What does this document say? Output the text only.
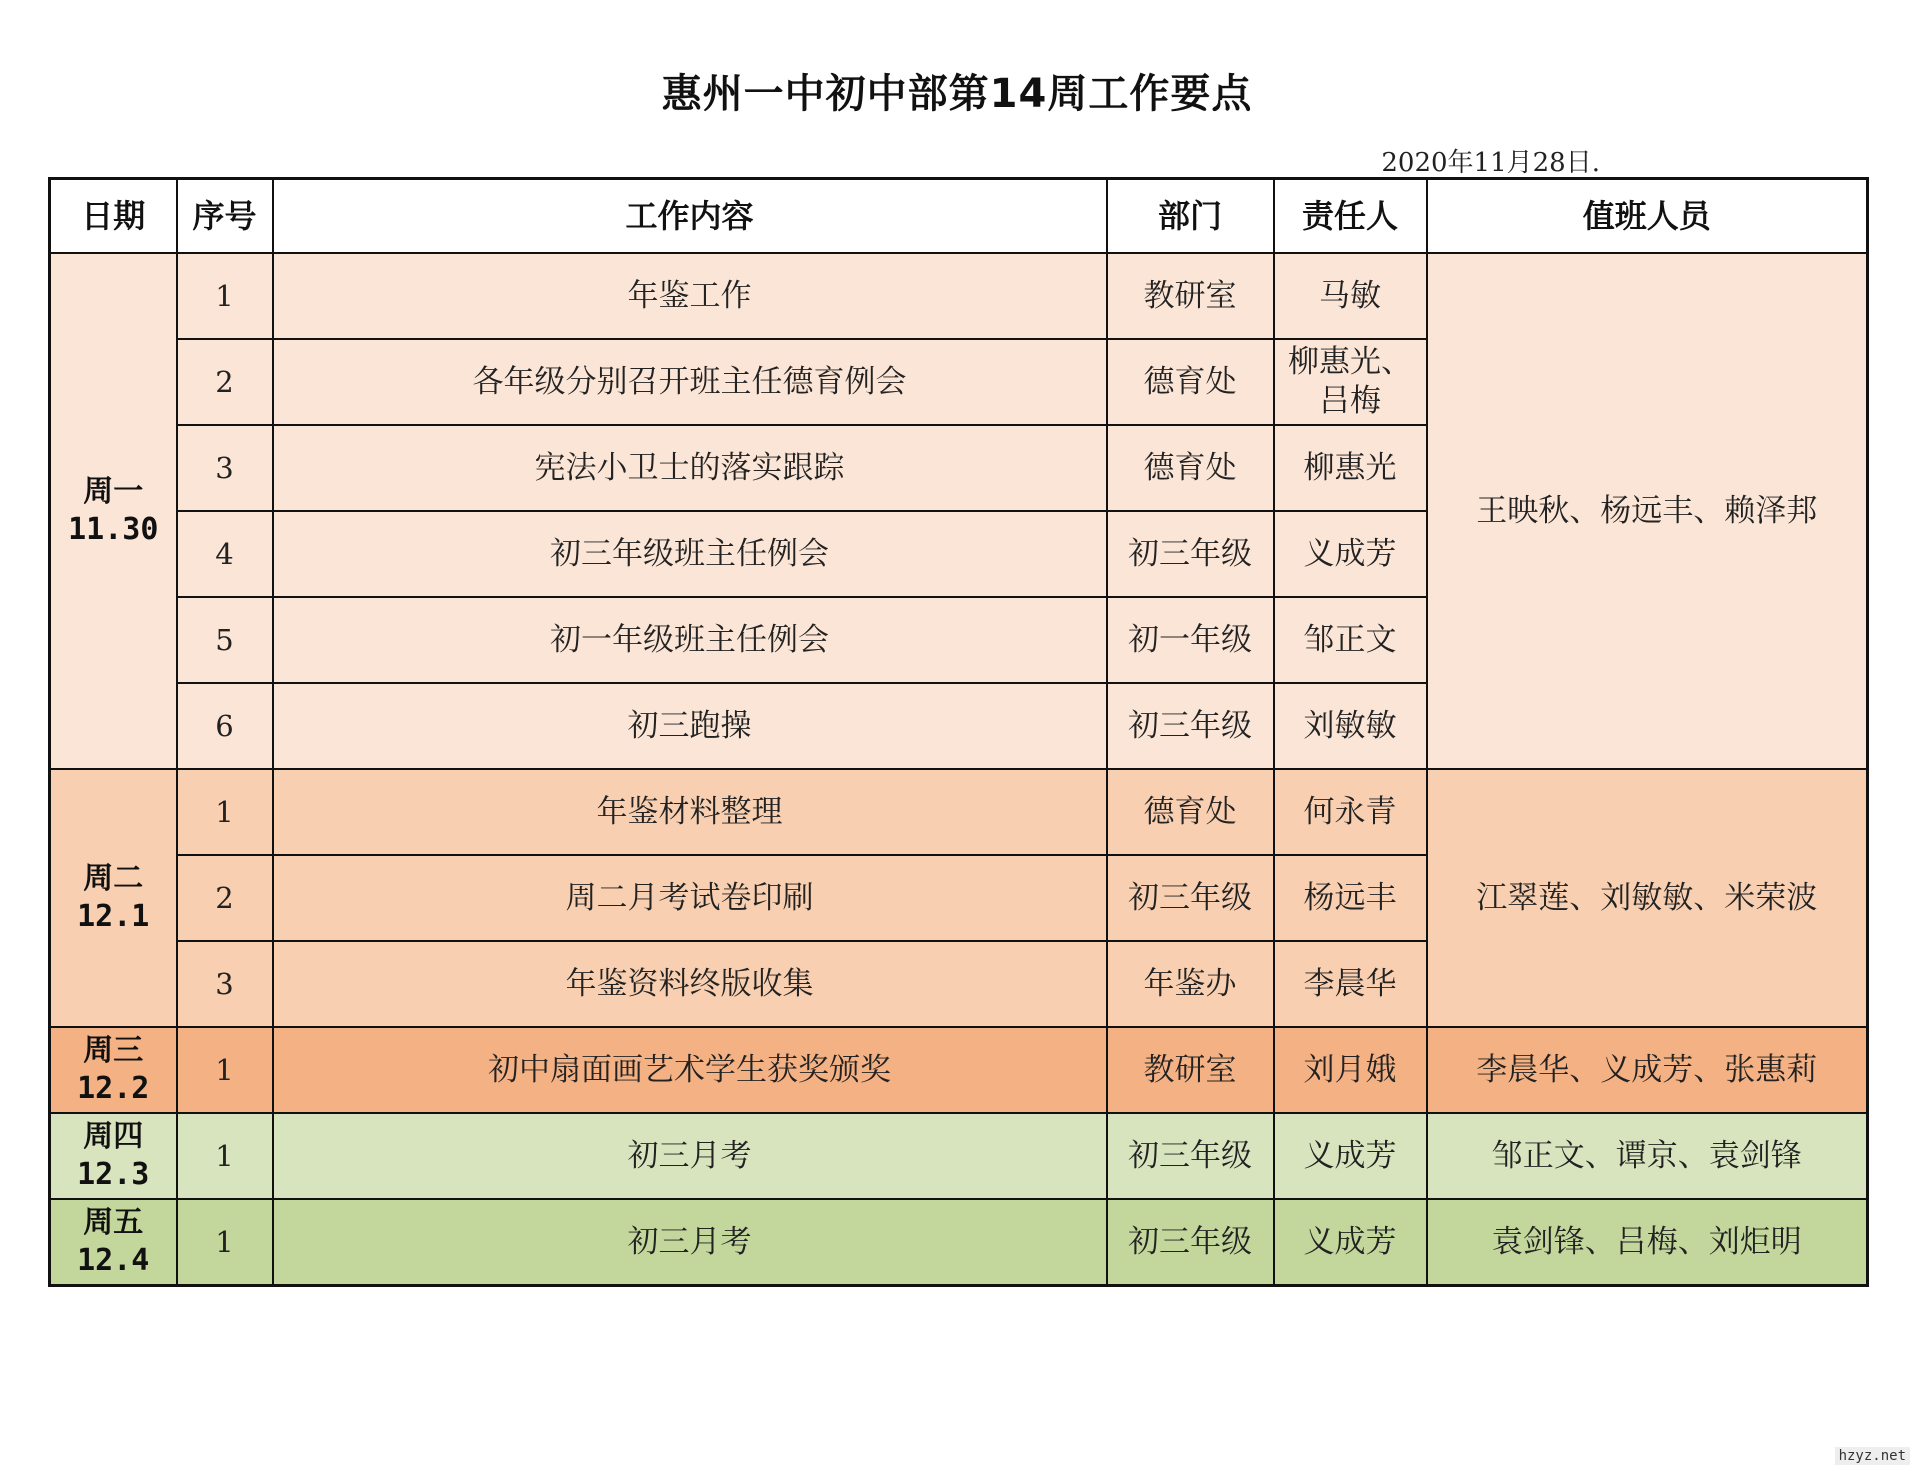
惠州一中初中部第14周工作要点
2020年11月28日.
日期	序号	工作内容	部门	责任人	值班人员

周一
11.30	1	年鉴工作	教研室	马敏	王映秋、杨远丰、赖泽邦
	2	各年级分别召开班主任德育例会	德育处	柳惠光、
吕梅	

	3	宪法小卫士的落实跟踪	德育处	柳惠光	
	4	初三年级班主任例会	初三年级	义成芳	
	5	初一年级班主任例会	初一年级	邹正文	
	6	初三跑操	初三年级	刘敏敏	

周二
12.1	1	年鉴材料整理	德育处	何永青	江翠莲、刘敏敏、米荣波
	2	周二月考试卷印刷	初三年级	杨远丰	
	3	年鉴资料终版收集	年鉴办	李晨华	

周三
12.2	1	初中扇面画艺术学生获奖颁奖	教研室	刘月娥	李晨华、义成芳、张惠莉

周四
12.3	1	初三月考	初三年级	义成芳	邹正文、谭京、袁剑锋

周五
12.4	1	初三月考	初三年级	义成芳	袁剑锋、吕梅、刘炬明
hzyz.net
